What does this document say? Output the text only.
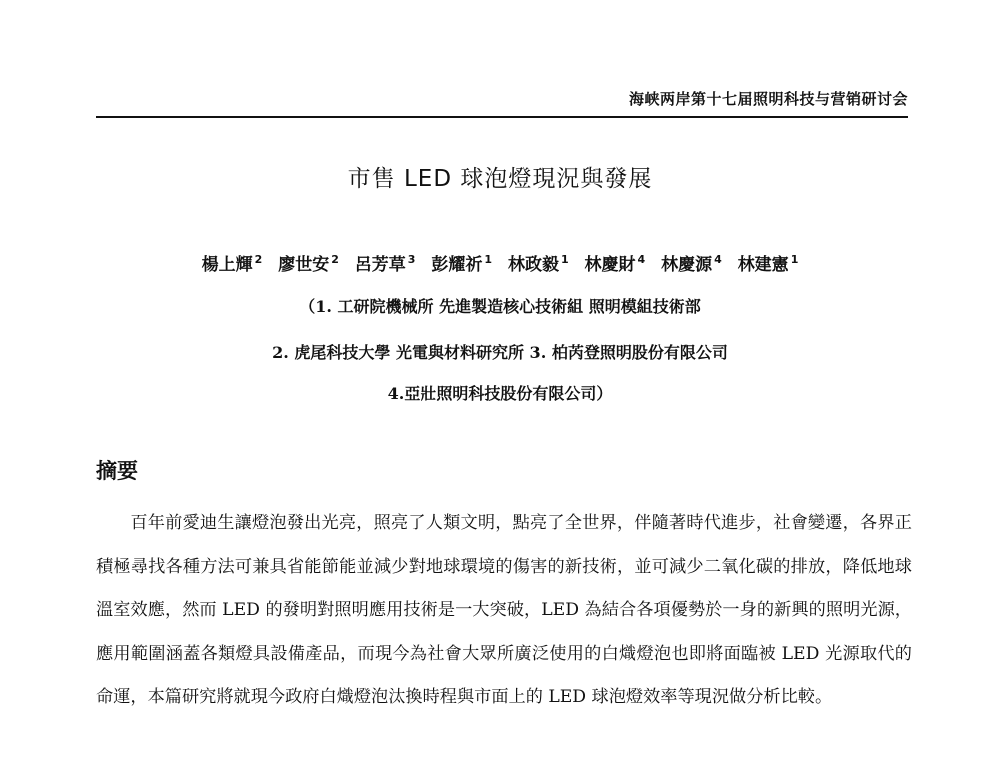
海峡两岸第十七届照明科技与营销研讨会
市售 LED 球泡燈現況與發展
楊上輝 $^2$ 廖世安 $^2$ 呂芳草 $^3$ 彭耀祈 $^1$ 林政毅 $^1$ 林慶財 $^4$ 林慶源 $^4$ 林建憲 $^1$
（1. 工研院機械所 先進製造核心技術組 照明模組技術部
2. 虎尾科技大學 光電與材料研究所 3. 柏芮登照明股份有限公司
4.亞壯照明科技股份有限公司）
摘要

百年前愛迪生讓燈泡發出光亮，照亮了人類文明，點亮了全世界，伴隨著時代進步，社會變遷，各界正積極尋找各種方法可兼具省能節能並減少對地球環境的傷害的新技術，並可減少二氧化碳的排放，降低地球溫室效應，然而 LED 的發明對照明應用技術是一大突破，LED 為結合各項優勢於一身的新興的照明光源，應用範圍涵蓋各類燈具設備產品，而現今為社會大眾所廣泛使用的白熾燈泡也即將面臨被 LED 光源取代的命運，本篇研究將就現今政府白熾燈泡汰換時程與市面上的 LED 球泡燈效率等現況做分析比較。
